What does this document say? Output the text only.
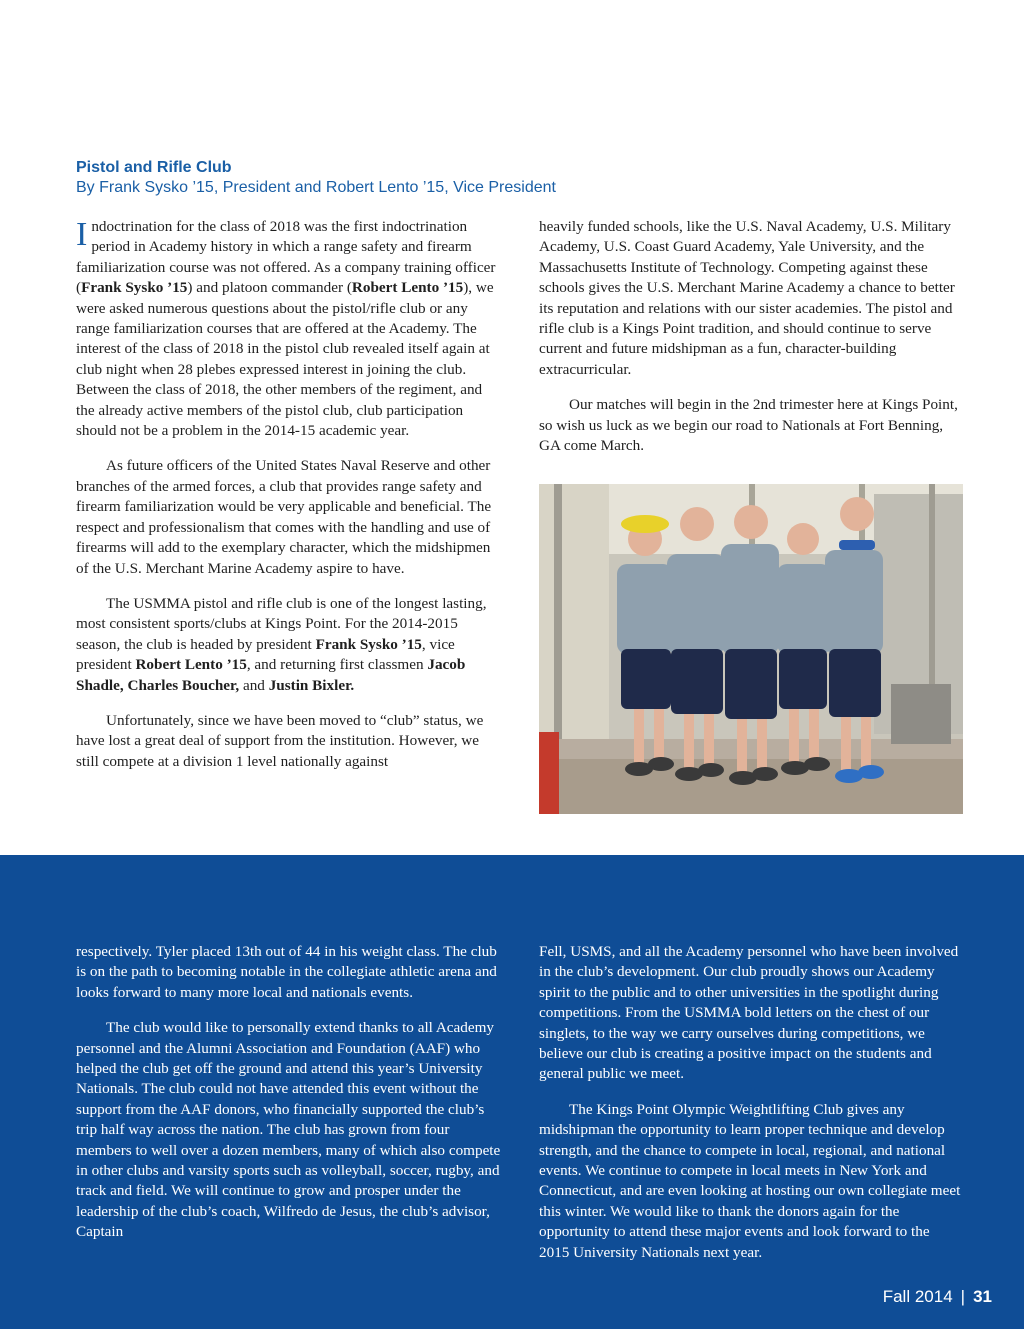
Pistol and Rifle Club
By Frank Sysko ’15, President and Robert Lento ’15, Vice President

Indoctrination for the class of 2018 was the first indoctrination period in Academy history in which a range safety and firearm familiarization course was not offered. As a company training officer (Frank Sysko ’15) and platoon commander (Robert Lento ’15), we were asked numerous questions about the pistol/rifle club or any range familiarization courses that are offered at the Academy. The interest of the class of 2018 in the pistol club revealed itself again at club night when 28 plebes expressed interest in joining the club. Between the class of 2018, the other members of the regiment, and the already active members of the pistol club, club participation should not be a problem in the 2014-15 academic year.

As future officers of the United States Naval Reserve and other branches of the armed forces, a club that provides range safety and firearm familiarization would be very applicable and beneficial. The respect and professionalism that comes with the handling and use of firearms will add to the exemplary character, which the midshipmen of the U.S. Merchant Marine Academy aspire to have.

The USMMA pistol and rifle club is one of the longest lasting, most consistent sports/clubs at Kings Point. For the 2014-2015 season, the club is headed by president Frank Sysko ’15, vice president Robert Lento ’15, and returning first classmen Jacob Shadle, Charles Boucher, and Justin Bixler.

Unfortunately, since we have been moved to “club” status, we have lost a great deal of support from the institution. However, we still compete at a division 1 level nationally against

heavily funded schools, like the U.S. Naval Academy, U.S. Military Academy, U.S. Coast Guard Academy, Yale University, and the Massachusetts Institute of Technology. Competing against these schools gives the U.S. Merchant Marine Academy a chance to better its reputation and relations with our sister academies. The pistol and rifle club is a Kings Point tradition, and should continue to serve current and future midshipman as a fun, character-building extracurricular.

Our matches will begin in the 2nd trimester here at Kings Point, so wish us luck as we begin our road to Nationals at Fort Benning, GA come March.

respectively. Tyler placed 13th out of 44 in his weight class. The club is on the path to becoming notable in the collegiate athletic arena and looks forward to many more local and nationals events.

The club would like to personally extend thanks to all Academy personnel and the Alumni Association and Foundation (AAF) who helped the club get off the ground and attend this year’s University Nationals. The club could not have attended this event without the support from the AAF donors, who financially supported the club’s trip half way across the nation. The club has grown from four members to well over a dozen members, many of which also compete in other clubs and varsity sports such as volleyball, soccer, rugby, and track and field. We will continue to grow and prosper under the leadership of the club’s coach, Wilfredo de Jesus, the club’s advisor, Captain

Fell, USMS, and all the Academy personnel who have been involved in the club’s development. Our club proudly shows our Academy spirit to the public and to other universities in the spotlight during competitions. From the USMMA bold letters on the chest of our singlets, to the way we carry ourselves during competitions, we believe our club is creating a positive impact on the students and general public we meet.

The Kings Point Olympic Weightlifting Club gives any midshipman the opportunity to learn proper technique and develop strength, and the chance to compete in local, regional, and national events. We continue to compete in local meets in New York and Connecticut, and are even looking at hosting our own collegiate meet this winter. We would like to thank the donors again for the opportunity to attend these major events and look forward to the 2015 University Nationals next year.

Fall 2014 | 31
